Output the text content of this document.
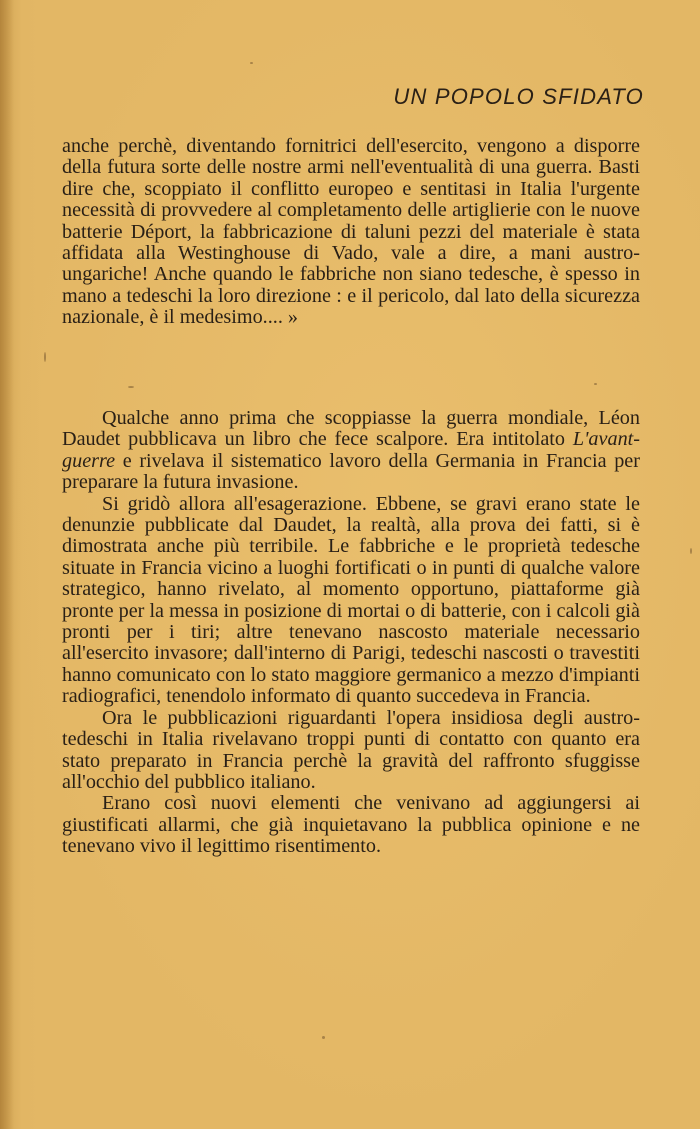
UN POPOLO SFIDATO

anche perchè, diventando fornitrici dell'esercito, vengono a disporre della futura sorte delle nostre armi nell'eventualità di una guerra. Basti dire che, scoppiato il conflitto europeo e sentitasi in Italia l'urgente necessità di provvedere al completamento delle artiglierie con le nuove batterie Déport, la fabbricazione di taluni pezzi del materiale è stata affidata alla Westinghouse di Vado, vale a dire, a mani austro-ungariche! Anche quando le fabbriche non siano tedesche, è spesso in mano a tedeschi la loro direzione : e il pericolo, dal lato della sicurezza nazionale, è il medesimo.... »

Qualche anno prima che scoppiasse la guerra mondiale, Léon Daudet pubblicava un libro che fece scalpore. Era intitolato L'avant-guerre e rivelava il sistematico lavoro della Germania in Francia per preparare la futura invasione.

Si gridò allora all'esagerazione. Ebbene, se gravi erano state le denunzie pubblicate dal Daudet, la realtà, alla prova dei fatti, si è dimostrata anche più terribile. Le fabbriche e le proprietà tedesche situate in Francia vicino a luoghi fortificati o in punti di qualche valore strategico, hanno rivelato, al momento opportuno, piattaforme già pronte per la messa in posizione di mortai o di batterie, con i calcoli già pronti per i tiri; altre tenevano nascosto materiale necessario all'esercito invasore; dall'interno di Parigi, tedeschi nascosti o travestiti hanno comunicato con lo stato maggiore germanico a mezzo d'impianti radiografici, tenendolo informato di quanto succedeva in Francia.

Ora le pubblicazioni riguardanti l'opera insidiosa degli austro-tedeschi in Italia rivelavano troppi punti di contatto con quanto era stato preparato in Francia perchè la gravità del raffronto sfuggisse all'occhio del pubblico italiano.

Erano così nuovi elementi che venivano ad aggiungersi ai giustificati allarmi, che già inquietavano la pubblica opinione e ne tenevano vivo il legittimo risentimento.
